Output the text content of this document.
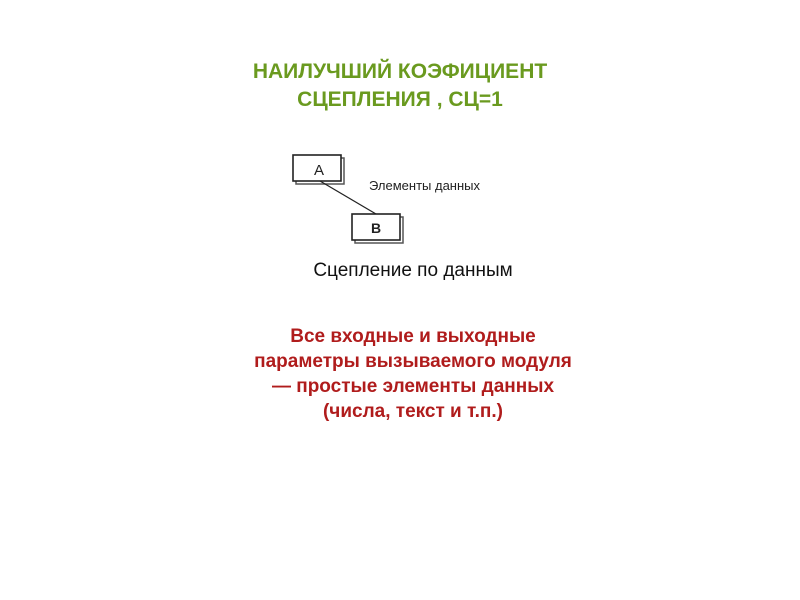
НАИЛУЧШИЙ КОЭФИЦИЕНТ
СЦЕПЛЕНИЯ , СЦ=1
A
B
Элементы данных
Сцепление по данным
Все входные и выходные
параметры вызываемого модуля
— простые элементы данных
(числа, текст и т.п.)
